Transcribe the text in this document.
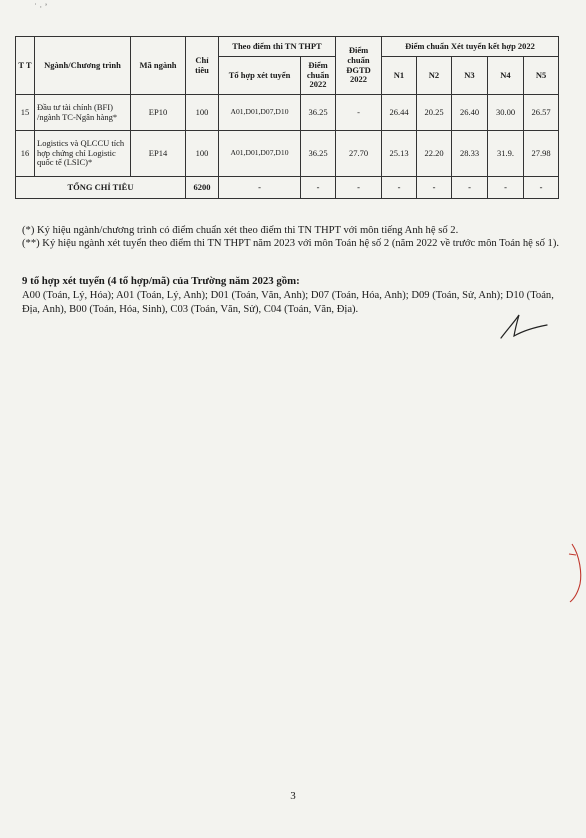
˙ · ʼ
T T	Ngành/Chương trình	Mã ngành	Chỉ tiêu	Theo điểm thi TN THPT		Điểm chuẩn ĐGTD 2022	Điểm chuẩn Xét tuyển kết hợp 2022				
				Tổ hợp xét tuyển	Điểm chuẩn 2022		N1	N2	N3	N4	N5
15	Đầu tư tài chính (BFI) /ngành TC-Ngân hàng*	EP10	100	A01,D01,D07,D10	36.25	-	26.44	20.25	26.40	30.00	26.57
16	Logistics và QLCCU tích hợp chứng chỉ Logistic quốc tế (LSIC)*	EP14	100	A01,D01,D07,D10	36.25	27.70	25.13	22.20	28.33	31.9.	27.98
TỔNG CHỈ TIÊU			6200	-	-	-	-	-	-	-	-

(*) Ký hiệu ngành/chương trình có điểm chuẩn xét theo điểm thi TN THPT với môn tiếng Anh hệ số 2.

(**) Ký hiệu ngành xét tuyển theo điểm thi TN THPT năm 2023 với môn Toán hệ số 2 (năm 2022 về trước môn Toán hệ số 1).

9 tổ hợp xét tuyển (4 tổ hợp/mã) của Trường năm 2023 gồm:
A00 (Toán, Lý, Hóa); A01 (Toán, Lý, Anh); D01 (Toán, Văn, Anh); D07 (Toán, Hóa, Anh); D09 (Toán, Sử, Anh); D10 (Toán, Địa, Anh), B00 (Toán, Hóa, Sinh), C03 (Toán, Văn, Sử), C04 (Toán, Văn, Địa).
3
